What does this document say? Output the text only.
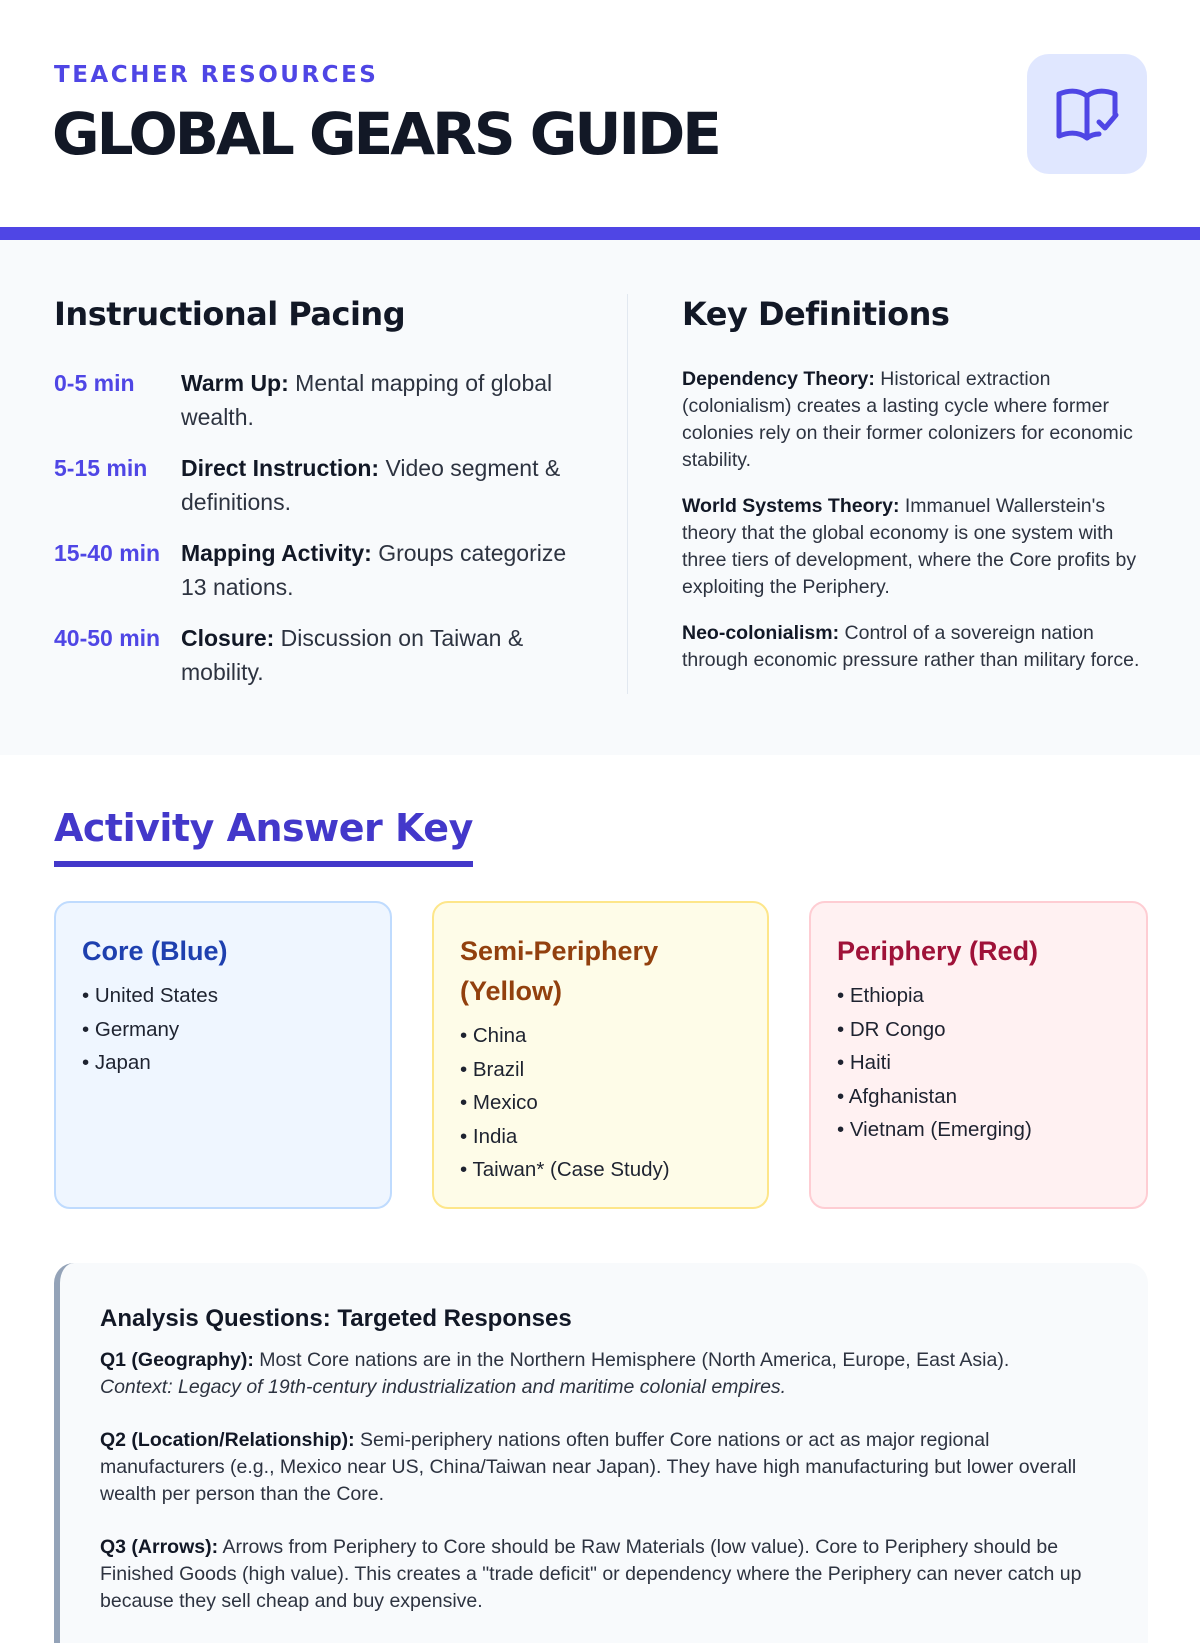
TEACHER RESOURCES
GLOBAL GEARS GUIDE
Instructional Pacing
0-5 min	Warm Up: Mental mapping of global wealth.
5-15 min	Direct Instruction: Video segment & definitions.
15-40 min Mapping Activity: Groups categorize 13 nations.
40-50 min Closure: Discussion on Taiwan & mobility.
Key Definitions
Dependency Theory: Historical extraction (colonialism) creates a lasting cycle where former colonies rely on their former colonizers for economic stability.
World Systems Theory: Immanuel Wallerstein's theory that the global economy is one system with three tiers of development, where the Core profits by exploiting the Periphery.
Neo-colonialism: Control of a sovereign nation through economic pressure rather than military force.
Activity Answer Key
Core (Blue)
• United States
• Germany
• Japan
Semi-Periphery (Yellow)
• China
• Brazil
• Mexico
• India
• Taiwan* (Case Study)
Periphery (Red)
• Ethiopia
• DR Congo
• Haiti
• Afghanistan
• Vietnam (Emerging)
Analysis Questions: Targeted Responses
Q1 (Geography): Most Core nations are in the Northern Hemisphere (North America, Europe, East Asia).
Context: Legacy of 19th-century industrialization and maritime colonial empires.
Q2 (Location/Relationship): Semi-periphery nations often buffer Core nations or act as major regional manufacturers (e.g., Mexico near US, China/Taiwan near Japan). They have high manufacturing but lower overall wealth per person than the Core.
Q3 (Arrows): Arrows from Periphery to Core should be Raw Materials (low value). Core to Periphery should be Finished Goods (high value). This creates a "trade deficit" or dependency where the Periphery can never catch up because they sell cheap and buy expensive.
